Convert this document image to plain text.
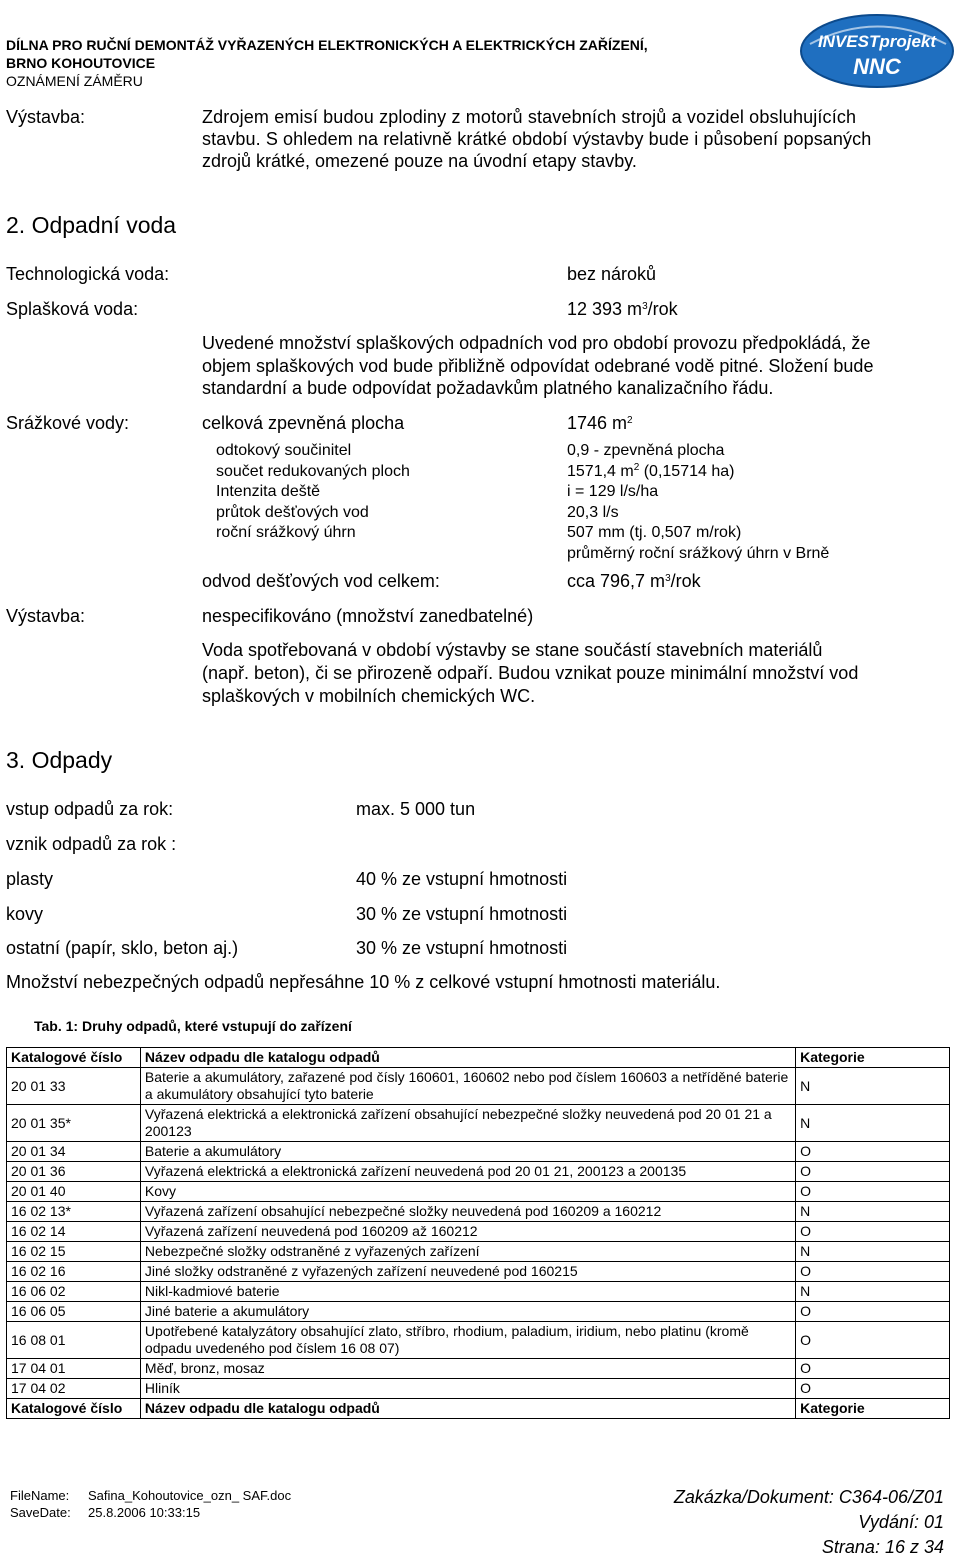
DÍLNA PRO RUČNÍ DEMONTÁŽ VYŘAZENÝCH ELEKTRONICKÝCH A ELEKTRICKÝCH ZAŘÍZENÍ,
BRNO KOHOUTOVICE
OZNÁMENÍ ZÁMĚRU
INVESTprojekt
NNC
Výstavba:	Zdrojem emisí budou zplodiny z motorů stavebních strojů a vozidel obsluhujících
stavbu. S ohledem na relativně krátké období výstavby bude i působení popsaných
zdrojů krátké, omezené pouze na úvodní etapy stavby.
2. Odpadní voda
Technologická voda:	bez nároků
Splašková voda:	12 393 $m^3$/rok
Uvedené množství splaškových odpadních vod pro období provozu předpokládá, že
objem splaškových vod bude přibližně odpovídat odebrané vodě pitné. Složení bude
standardní a bude odpovídat požadavkům platného kanalizačního řádu.
Srážkové vody:	celková zpevněná plocha	1746 $m^2$
odtokový součinitel	0,9 - zpevněná plocha
součet redukovaných ploch	1571,4 $m^2$ (0,15714 ha)
Intenzita deště	i = 129 l/s/ha
průtok dešťových vod	20,3 l/s
roční srážkový úhrn	507 mm (tj. 0,507 m/rok)
průměrný roční srážkový úhrn v Brně
odvod dešťových vod celkem:	cca 796,7 $m^3$/rok
Výstavba:	nespecifikováno (množství zanedbatelné)
Voda spotřebovaná v období výstavby se stane součástí stavebních materiálů
(např. beton), či se přirozeně odpaří. Budou vznikat pouze minimální množství vod
splaškových v mobilních chemických WC.
3. Odpady
vstup odpadů za rok:	max. 5 000 tun
vznik odpadů za rok :
plasty	40 % ze vstupní hmotnosti
kovy	30 % ze vstupní hmotnosti
ostatní (papír, sklo, beton aj.)	30 % ze vstupní hmotnosti
Množství nebezpečných odpadů nepřesáhne 10 % z celkové vstupní hmotnosti materiálu.
Tab. 1: Druhy odpadů, které vstupují do zařízení
Katalogové číslo	Název odpadu dle katalogu odpadů	Kategorie
20 01 33	Baterie a akumulátory, zařazené pod čísly 160601, 160602 nebo pod číslem 160603 a netříděné baterie a akumulátory obsahující tyto baterie	N
20 01 35*	Vyřazená elektrická a elektronická zařízení obsahující nebezpečné složky neuvedená pod 20 01 21 a 200123	N
20 01 34	Baterie a akumulátory	O
20 01 36	Vyřazená elektrická a elektronická zařízení neuvedená pod 20 01 21, 200123 a 200135	O
20 01 40	Kovy	O
16 02 13*	Vyřazená zařízení obsahující nebezpečné složky neuvedená pod 160209 a 160212	N
16 02 14	Vyřazená zařízení neuvedená pod 160209 až 160212	O
16 02 15	Nebezpečné složky odstraněné z vyřazených zařízení	N
16 02 16	Jiné složky odstraněné z vyřazených zařízení neuvedené pod 160215	O
16 06 02	Nikl-kadmiové baterie	N
16 06 05	Jiné baterie a akumulátory	O
16 08 01	Upotřebené katalyzátory obsahující zlato, stříbro, rhodium, paladium, iridium, nebo platinu (kromě odpadu uvedeného pod číslem 16 08 07)	O
17 04 01	Měď, bronz, mosaz	O
17 04 02	Hliník	O
Katalogové číslo	Název odpadu dle katalogu odpadů	Kategorie
FileName: Safina_Kohoutovice_ozn_ SAF.doc
SaveDate: 25.8.2006 10:33:15
Zakázka/Dokument: C364-06/Z01
Vydání: 01
Strana: 16 z 34
